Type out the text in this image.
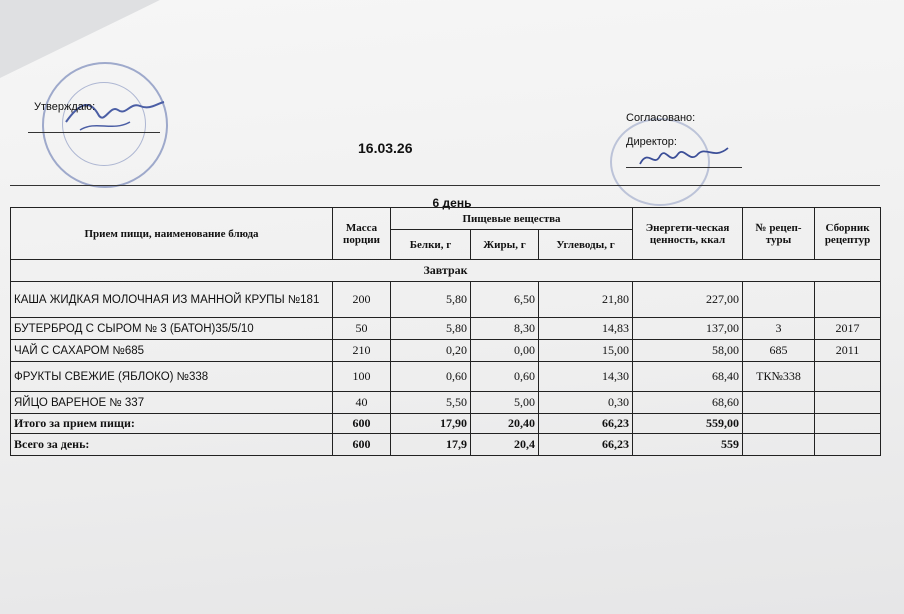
Утверждаю:
16.03.26
Согласовано:
Директор:
6 день
Прием пищи, наименование блюда	Масса порции	Пищевые вещества			Энергети-ческая ценность, ккал	№ рецеп-туры	Сборник рецептур
		Белки, г	Жиры, г	Углеводы, г			
Завтрак							
КАША ЖИДКАЯ МОЛОЧНАЯ ИЗ МАННОЙ КРУПЫ №181	200	5,80	6,50	21,80	227,00		
БУТЕРБРОД С СЫРОМ № 3 (БАТОН)35/5/10	50	5,80	8,30	14,83	137,00	3	2017
ЧАЙ С САХАРОМ №685	210	0,20	0,00	15,00	58,00	685	2011
ФРУКТЫ СВЕЖИЕ (ЯБЛОКО) №338	100	0,60	0,60	14,30	68,40	ТК№338	
ЯЙЦО ВАРЕНОЕ № 337	40	5,50	5,00	0,30	68,60		
Итого за прием пищи:	600	17,90	20,40	66,23	559,00		
Всего за день:	600	17,9	20,4	66,23	559		
